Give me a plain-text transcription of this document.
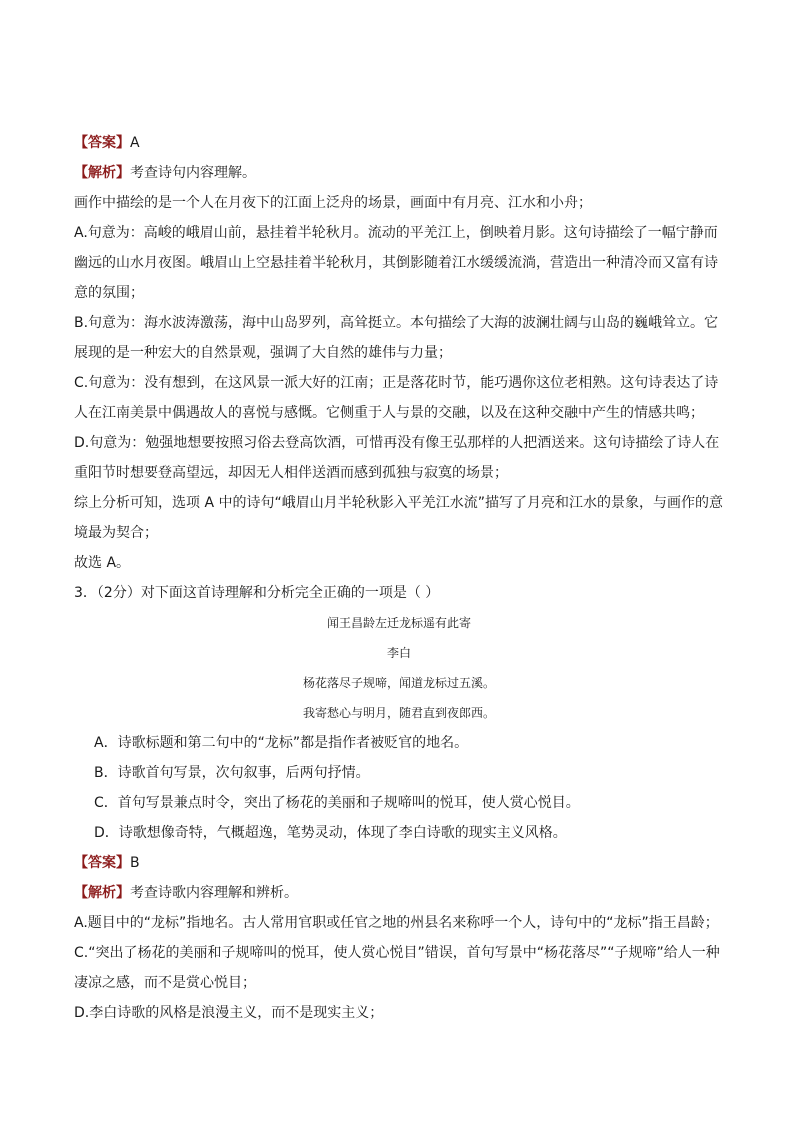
【答案】A
【解析】考查诗句内容理解。
画作中描绘的是一个人在月夜下的江面上泛舟的场景，画面中有月亮、江水和小舟；
A.句意为：高峻的峨眉山前，悬挂着半轮秋月。流动的平羌江上，倒映着月影。这句诗描绘了一幅宁静而
幽远的山水月夜图。峨眉山上空悬挂着半轮秋月，其倒影随着江水缓缓流淌，营造出一种清冷而又富有诗
意的氛围；
B.句意为：海水波涛激荡，海中山岛罗列，高耸挺立。本句描绘了大海的波澜壮阔与山岛的巍峨耸立。它
展现的是一种宏大的自然景观，强调了大自然的雄伟与力量；
C.句意为：没有想到，在这风景一派大好的江南；正是落花时节，能巧遇你这位老相熟。这句诗表达了诗
人在江南美景中偶遇故人的喜悦与感慨。它侧重于人与景的交融，以及在这种交融中产生的情感共鸣；
D.句意为：勉强地想要按照习俗去登高饮酒，可惜再没有像王弘那样的人把酒送来。这句诗描绘了诗人在
重阳节时想要登高望远，却因无人相伴送酒而感到孤独与寂寞的场景；
综上分析可知，选项 A 中的诗句“峨眉山月半轮秋影入平羌江水流”描写了月亮和江水的景象，与画作的意
境最为契合；
故选 A。
3．（2分）对下面这首诗理解和分析完全正确的一项是（ ）
闻王昌龄左迁龙标遥有此寄
李白
杨花落尽子规啼，闻道龙标过五溪。
我寄愁心与明月，随君直到夜郎西。
A．诗歌标题和第二句中的“龙标”都是指作者被贬官的地名。
B．诗歌首句写景，次句叙事，后两句抒情。
C．首句写景兼点时令，突出了杨花的美丽和子规啼叫的悦耳，使人赏心悦目。
D．诗歌想像奇特，气概超逸，笔势灵动，体现了李白诗歌的现实主义风格。
【答案】B
【解析】考查诗歌内容理解和辨析。
A.题目中的“龙标”指地名。古人常用官职或任官之地的州县名来称呼一个人，诗句中的“龙标”指王昌龄；
C.“突出了杨花的美丽和子规啼叫的悦耳，使人赏心悦目”错误，首句写景中“杨花落尽”“子规啼”给人一种
凄凉之感，而不是赏心悦目；
D.李白诗歌的风格是浪漫主义，而不是现实主义；
